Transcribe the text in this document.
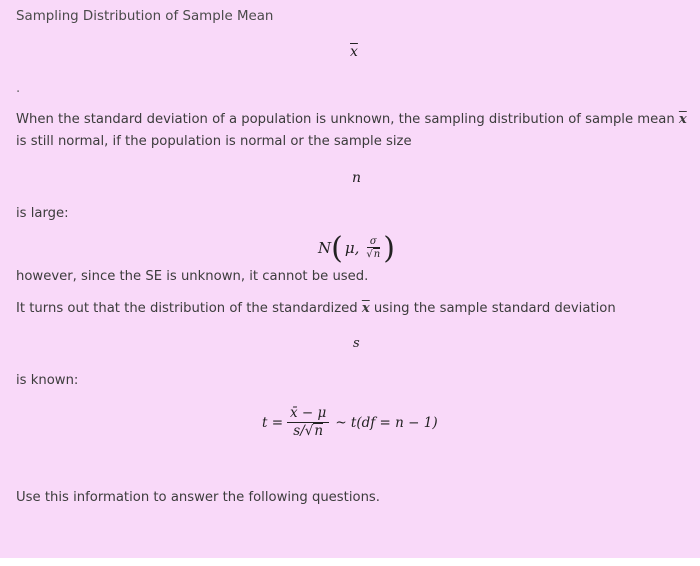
Sampling Distribution of Sample Mean
$\overline{x}$
.
When the standard deviation of a population is unknown, the sampling distribution of sample mean $\overline{x}$ is still normal, if the population is normal or the sample size
n
is large:
N ( μ, $\frac{\sigma}{√n}$ )
however, since the SE is unknown, it cannot be used.
It turns out that the distribution of the standardized $\overline{x}$ using the sample standard deviation
s
is known:
$t = \frac{x̄ - \mu}{s/√n}$ ~ t(df = n − 1)
Use this information to answer the following questions.
